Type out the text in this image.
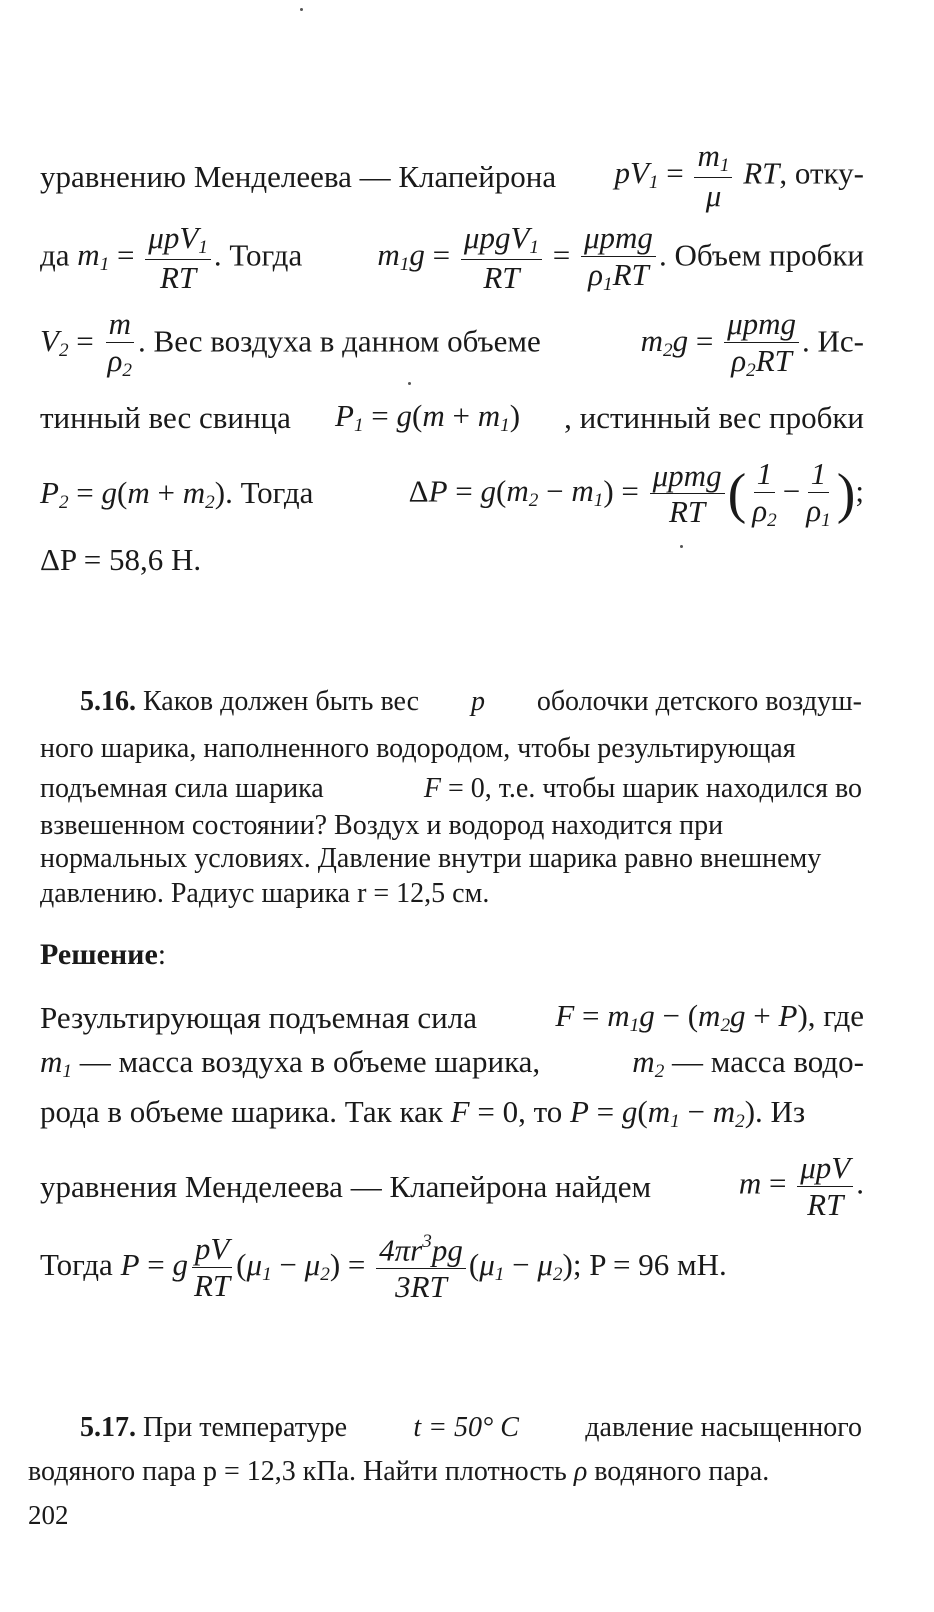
уравнению Менделеева — Клапейрона $pV_1 = \frac{m_1}{\mu}$ RT, отку-
да $m_1 = \frac{\mu pV_1}{RT}$ . Тогда $m_1g = \frac{\mu pgV_1}{RT} = \frac{\text{μpmg}}{\rho_1RT}$ . Объем пробки
$V_2 = \frac{m}{\rho_2}$ . Вес воздуха в данном объеме	$m_2g = \frac{\text{μpmg}}{\rho_2RT}$ . Ис-
тинный вес свинца $P_1 = g(m + m_1)$ , истинный вес пробки
$P_2 = g(m + m_2)$. Тогда	$\Delta P = g(m_2 - m_1) = \frac{\text{μpmg}}{RT}$ ( $\frac{1}{\rho_2} - \frac{1}{\rho_1}$ );
ΔP = 58,6 Н.
5.16. Каков должен быть вес p оболочки детского воздуш-
ного шарика, наполненного водородом, чтобы результирующая
подъемная сила шарика	F = 0, т.е. чтобы шарик находился во
взвешенном состоянии? Воздух и водород находится при
нормальных условиях. Давление внутри шарика равно внешнему
давлению. Радиус шарика r = 12,5 см.
Решение:
Результирующая подъемная сила	$F = m_1g - (m_2g + P)$, где
$m_1$ — масса воздуха в объеме шарика,	$m_2$ — масса водо-
рода в объеме шарика. Так как F = 0, то $P = g(m_1 - m_2)$. Из
уравнения Менделеева — Клапейрона найдем	$m = \frac{\text{μpV}}{RT}$ .
Тогда P = g $\frac{pV}{RT} (\mu_1 - \mu_2) = \frac{4\pi r^3pg}{3RT} (\mu_1 - \mu_2)$; P = 96 мН.
5.17. При температуре t = 50° C давление насыщенного
водяного пара p = 12,3 кПа. Найти плотность ρ водяного пара.
202
